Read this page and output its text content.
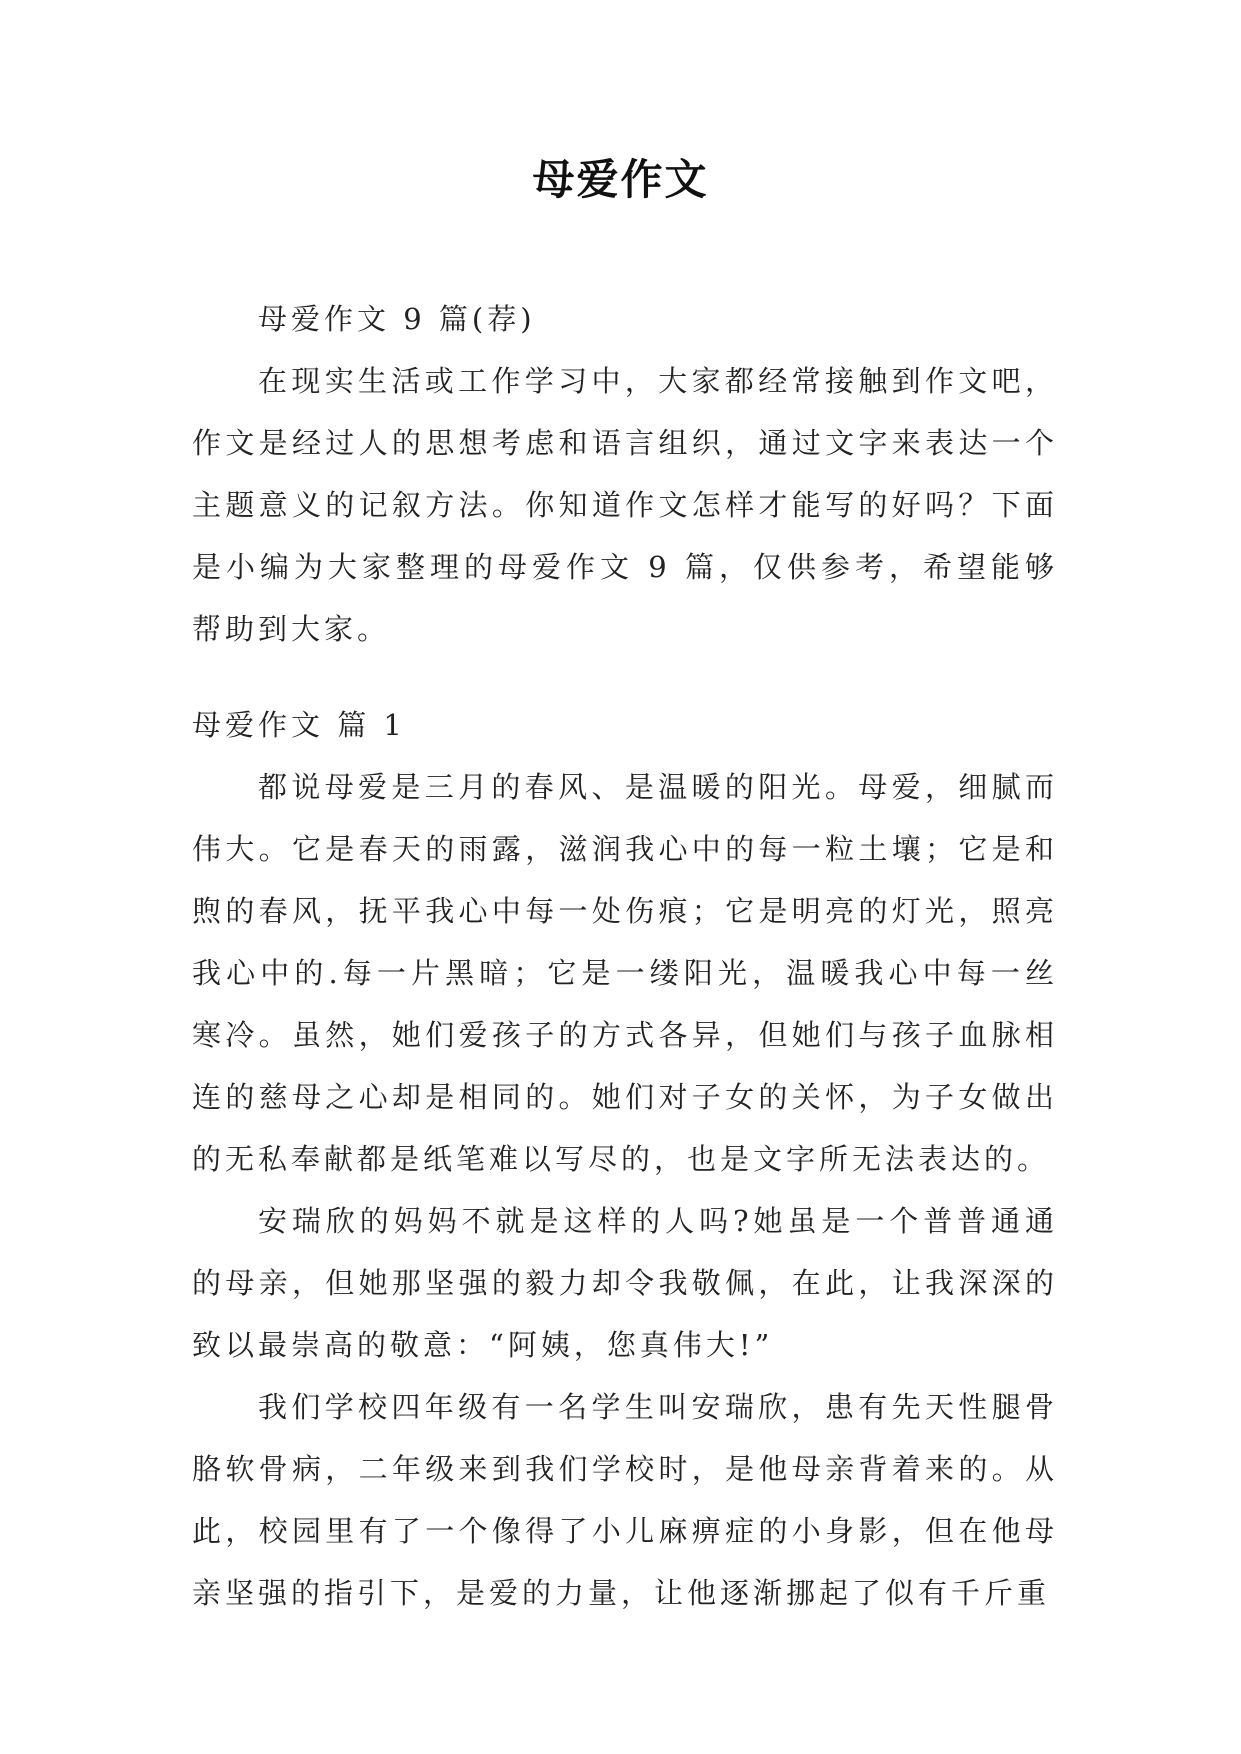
母爱作文

母爱作文 9 篇(荐)

在现实生活或工作学习中，大家都经常接触到作文吧，作文是经过人的思想考虑和语言组织，通过文字来表达一个主题意义的记叙方法。你知道作文怎样才能写的好吗？下面是小编为大家整理的母爱作文 9 篇，仅供参考，希望能够帮助到大家。

母爱作文 篇 1

都说母爱是三月的春风、是温暖的阳光。母爱，细腻而伟大。它是春天的雨露，滋润我心中的每一粒土壤；它是和煦的春风，抚平我心中每一处伤痕；它是明亮的灯光，照亮我心中的.每一片黑暗；它是一缕阳光，温暖我心中每一丝寒冷。虽然，她们爱孩子的方式各异，但她们与孩子血脉相连的慈母之心却是相同的。她们对子女的关怀，为子女做出的无私奉献都是纸笔难以写尽的，也是文字所无法表达的。

安瑞欣的妈妈不就是这样的人吗?她虽是一个普普通通的母亲，但她那坚强的毅力却令我敬佩，在此，让我深深的致以最崇高的敬意：“阿姨，您真伟大!”

我们学校四年级有一名学生叫安瑞欣，患有先天性腿骨胳软骨病，二年级来到我们学校时，是他母亲背着来的。从此，校园里有了一个像得了小儿麻痹症的小身影，但在他母亲坚强的指引下，是爱的力量，让他逐渐挪起了似有千斤重
